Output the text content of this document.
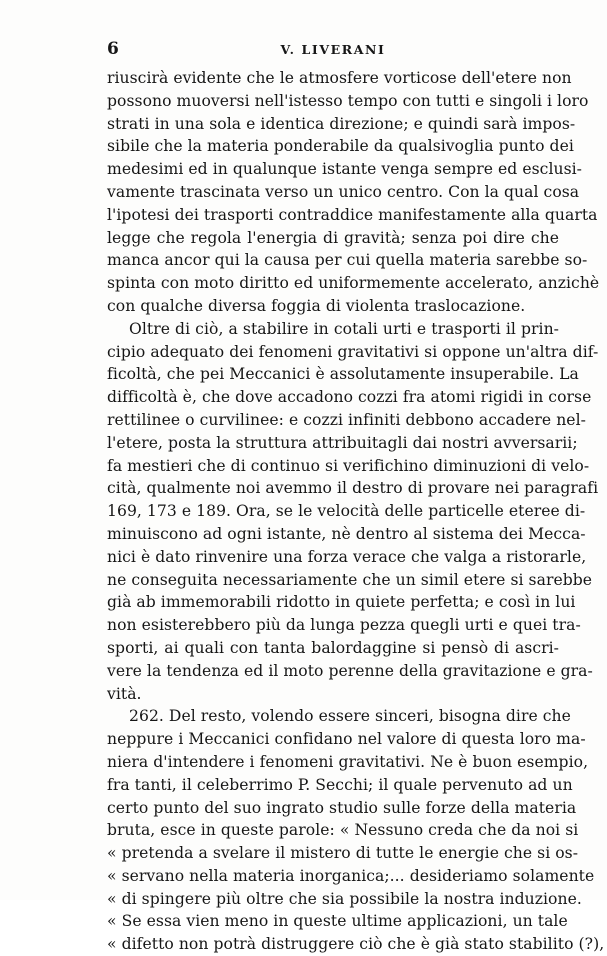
6	V. LIVERANI
riuscirà evidente che le atmosfere vorticose dell'etere non
possono muoversi nell'istesso tempo con tutti e singoli i loro
strati in una sola e identica direzione; e quindi sarà impos-
sibile che la materia ponderabile da qualsivoglia punto dei
medesimi ed in qualunque istante venga sempre ed esclusi-
vamente trascinata verso un unico centro. Con la qual cosa
l'ipotesi dei trasporti contraddice manifestamente alla quarta
legge che regola l'energia di gravità; senza poi dire che
manca ancor qui la causa per cui quella materia sarebbe so-
spinta con moto diritto ed uniformemente accelerato, anzichè
con qualche diversa foggia di violenta traslocazione.
Oltre di ciò, a stabilire in cotali urti e trasporti il prin-
cipio adequato dei fenomeni gravitativi si oppone un'altra dif-
ficoltà, che pei Meccanici è assolutamente insuperabile. La
difficoltà è, che dove accadono cozzi fra atomi rigidi in corse
rettilinee o curvilinee: e cozzi infiniti debbono accadere nel-
l'etere, posta la struttura attribuitagli dai nostri avversarii;
fa mestieri che di continuo si verifichino diminuzioni di velo-
cità, qualmente noi avemmo il destro di provare nei paragrafi
169, 173 e 189. Ora, se le velocità delle particelle eteree di-
minuiscono ad ogni istante, nè dentro al sistema dei Mecca-
nici è dato rinvenire una forza verace che valga a ristorarle,
ne conseguita necessariamente che un simil etere si sarebbe
già ab immemorabili ridotto in quiete perfetta; e così in lui
non esisterebbero più da lunga pezza quegli urti e quei tra-
sporti, ai quali con tanta balordaggine si pensò di ascri-
vere la tendenza ed il moto perenne della gravitazione e gra-
vità.
262. Del resto, volendo essere sinceri, bisogna dire che
neppure i Meccanici confidano nel valore di questa loro ma-
niera d'intendere i fenomeni gravitativi. Ne è buon esempio,
fra tanti, il celeberrimo P. Secchi; il quale pervenuto ad un
certo punto del suo ingrato studio sulle forze della materia
bruta, esce in queste parole: « Nessuno creda che da noi si
« pretenda a svelare il mistero di tutte le energie che si os-
« servano nella materia inorganica;... desideriamo solamente
« di spingere più oltre che sia possibile la nostra induzione.
« Se essa vien meno in queste ultime applicazioni, un tale
« difetto non potrà distruggere ciò che è già stato stabilito (?),
